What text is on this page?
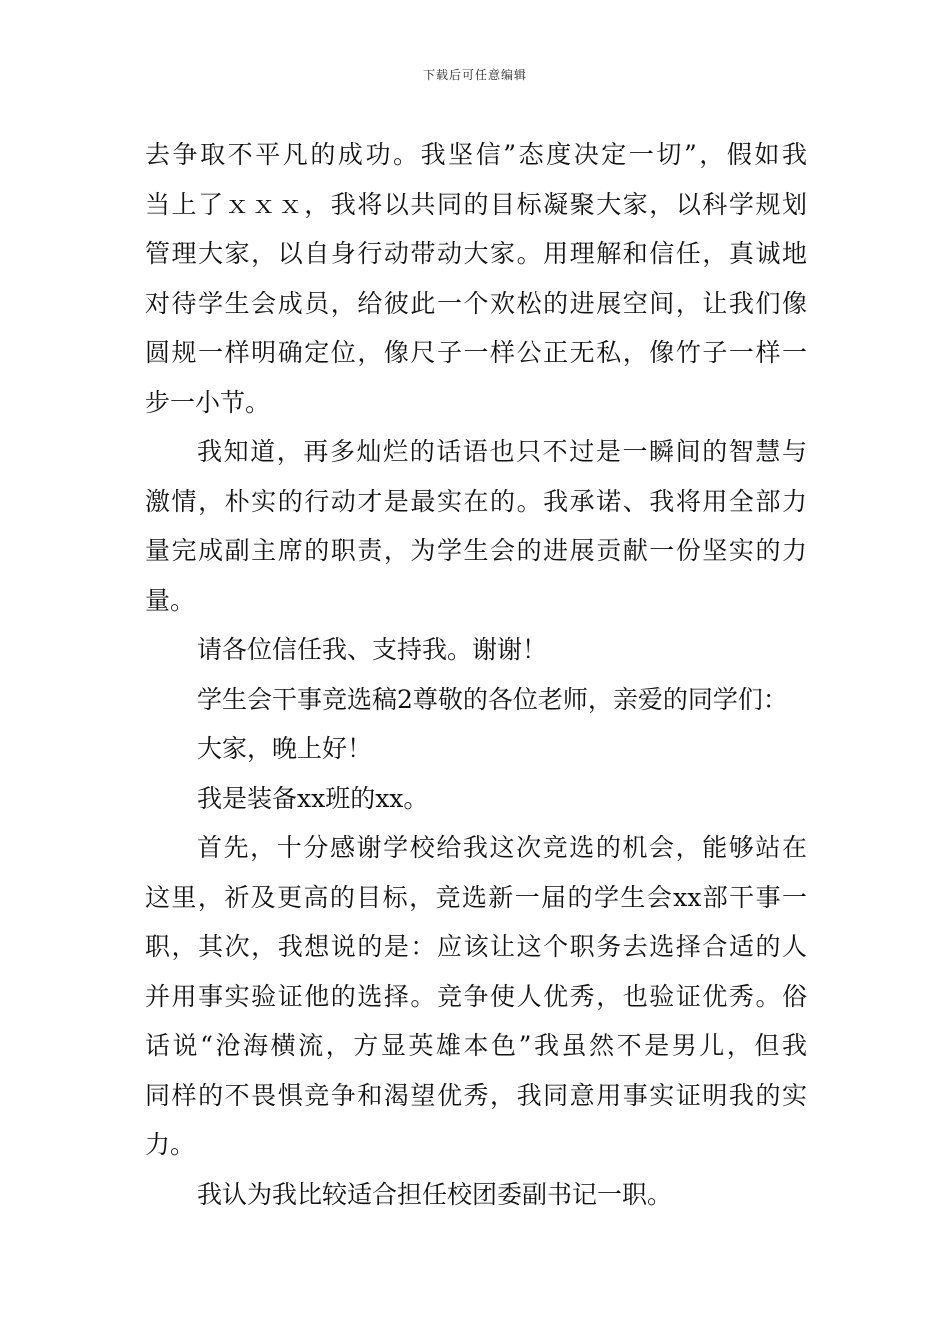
下载后可任意编辑
去争取不平凡的成功。我坚信”态度决定一切”，假如我
当上了ｘｘｘ，我将以共同的目标凝聚大家，以科学规划
管理大家，以自身行动带动大家。用理解和信任，真诚地
对待学生会成员，给彼此一个欢松的进展空间，让我们像
圆规一样明确定位，像尺子一样公正无私，像竹子一样一
步一小节。
我知道，再多灿烂的话语也只不过是一瞬间的智慧与
激情，朴实的行动才是最实在的。我承诺、我将用全部力
量完成副主席的职责，为学生会的进展贡献一份坚实的力
量。
请各位信任我、支持我。谢谢！
学生会干事竞选稿2尊敬的各位老师，亲爱的同学们：
大家，晚上好！
我是装备xx班的xx。
首先，十分感谢学校给我这次竞选的机会，能够站在
这里，祈及更高的目标，竞选新一届的学生会xx部干事一
职，其次，我想说的是：应该让这个职务去选择合适的人
并用事实验证他的选择。竞争使人优秀，也验证优秀。俗
话说“沧海横流，方显英雄本色”我虽然不是男儿，但我
同样的不畏惧竞争和渴望优秀，我同意用事实证明我的实
力。
我认为我比较适合担任校团委副书记一职。
